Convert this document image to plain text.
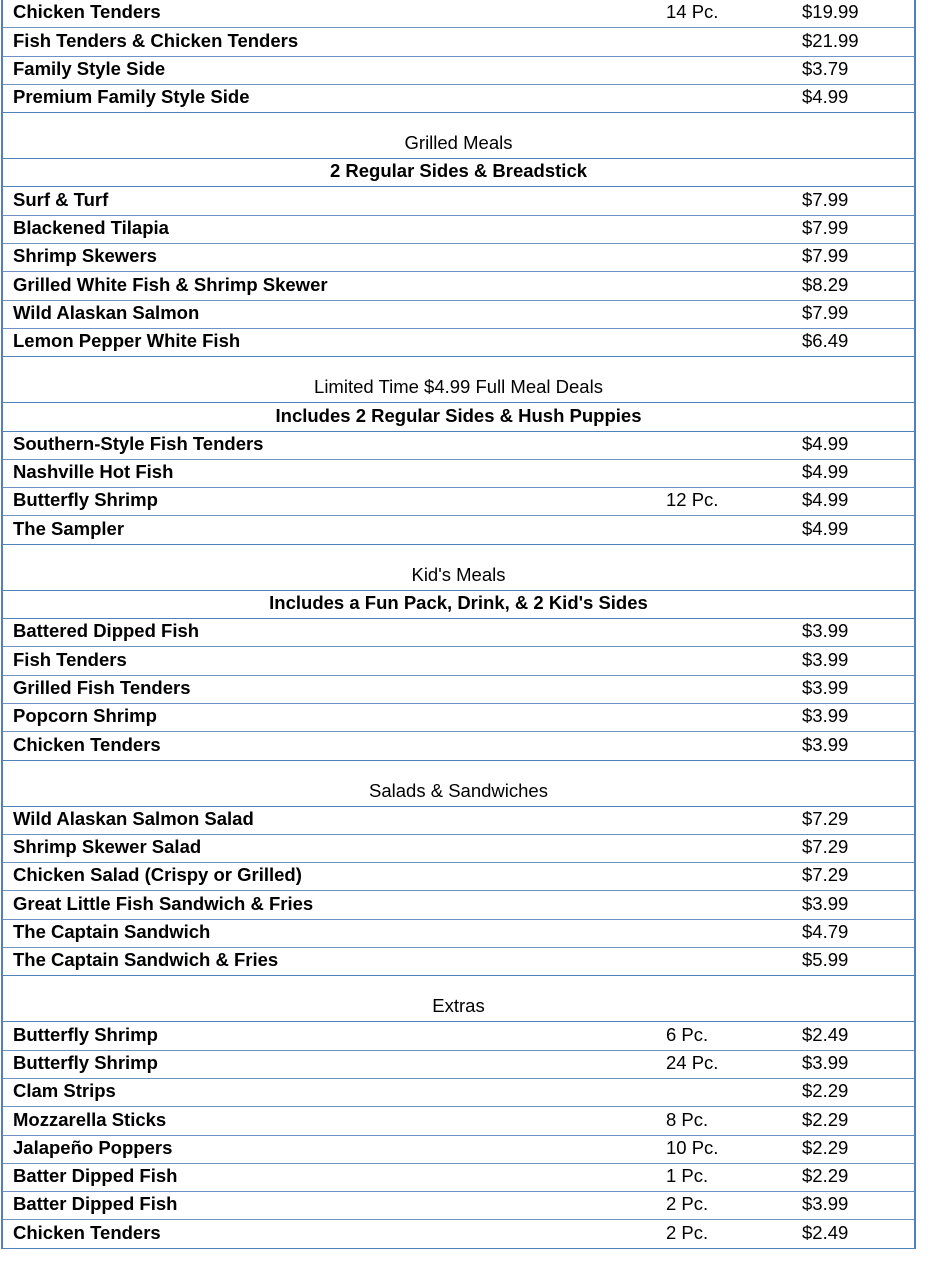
Chicken Tenders	14 Pc.	$19.99
Fish Tenders & Chicken Tenders	$21.99
Family Style Side	$3.79
Premium Family Style Side	$4.99
Grilled Meals
2 Regular Sides & Breadstick
Surf & Turf	$7.99
Blackened Tilapia	$7.99
Shrimp Skewers	$7.99
Grilled White Fish & Shrimp Skewer	$8.29
Wild Alaskan Salmon	$7.99
Lemon Pepper White Fish	$6.49
Limited Time $4.99 Full Meal Deals
Includes 2 Regular Sides & Hush Puppies
Southern-Style Fish Tenders	$4.99
Nashville Hot Fish	$4.99
Butterfly Shrimp	12 Pc.	$4.99
The Sampler	$4.99
Kid's Meals
Includes a Fun Pack, Drink, & 2 Kid's Sides
Battered Dipped Fish	$3.99
Fish Tenders	$3.99
Grilled Fish Tenders	$3.99
Popcorn Shrimp	$3.99
Chicken Tenders	$3.99
Salads & Sandwiches
Wild Alaskan Salmon Salad	$7.29
Shrimp Skewer Salad	$7.29
Chicken Salad (Crispy or Grilled)	$7.29
Great Little Fish Sandwich & Fries	$3.99
The Captain Sandwich	$4.79
The Captain Sandwich & Fries	$5.99
Extras
Butterfly Shrimp	6 Pc.	$2.49
Butterfly Shrimp	24 Pc.	$3.99
Clam Strips	$2.29
Mozzarella Sticks	8 Pc.	$2.29
Jalapeño Poppers	10 Pc.	$2.29
Batter Dipped Fish	1 Pc.	$2.29
Batter Dipped Fish	2 Pc.	$3.99
Chicken Tenders	2 Pc.	$2.49
